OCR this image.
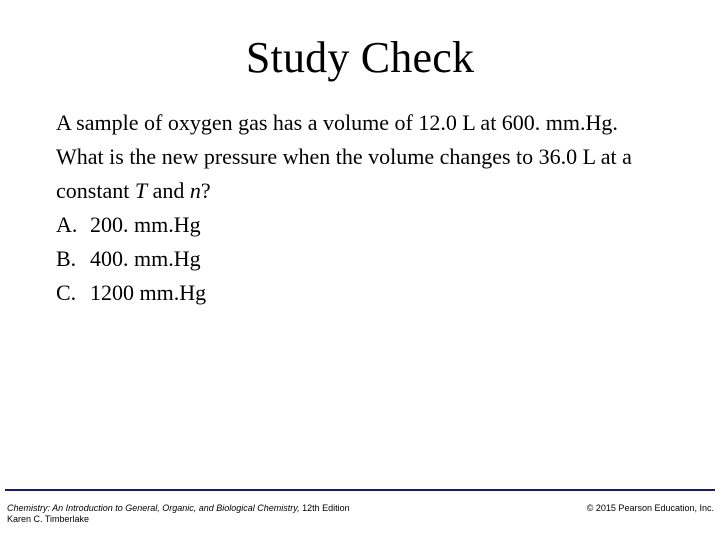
Study Check
A sample of oxygen gas has a volume of 12.0 L at 600. mm.Hg.
What is the new pressure when the volume changes to 36.0 L at a
constant T and n?
A. 200. mm.Hg
B. 400. mm.Hg
C. 1200 mm.Hg
Chemistry: An Introduction to General, Organic, and Biological Chemistry, 12th Edition
Karen C. Timberlake
© 2015 Pearson Education, Inc.
